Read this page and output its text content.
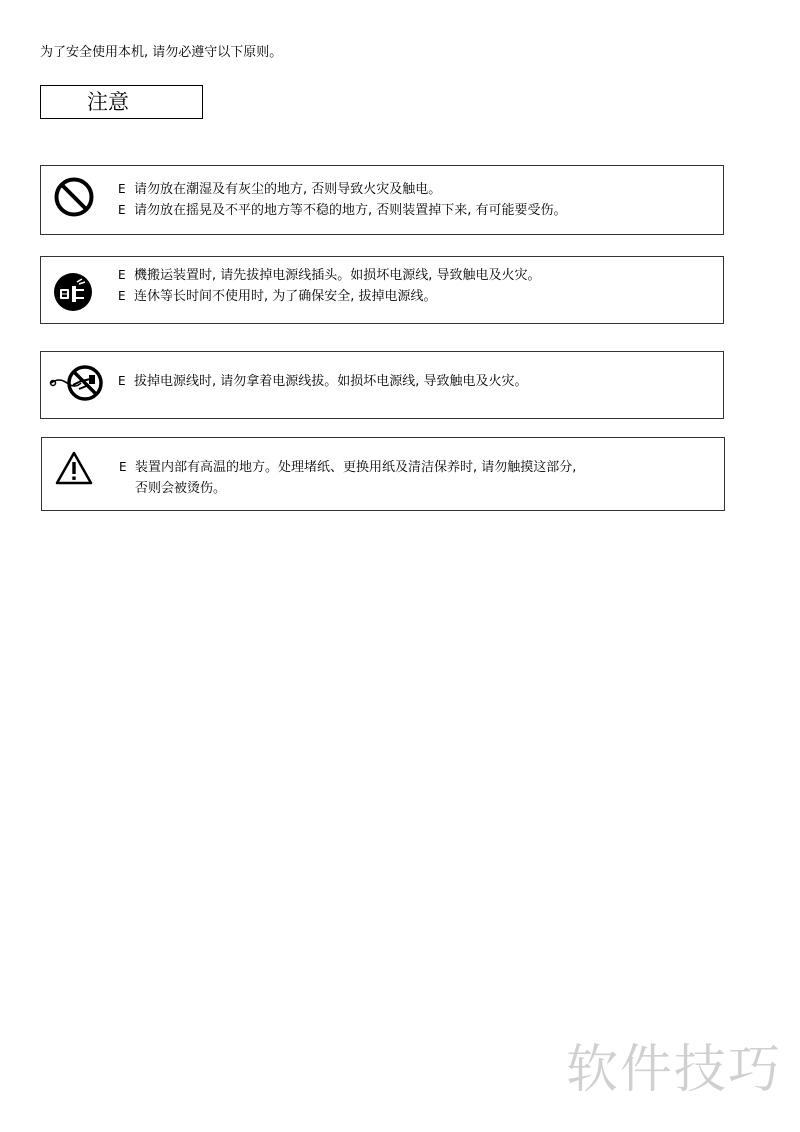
为了安全使用本机, 请勿必遵守以下原则。
注意
E 请勿放在潮湿及有灰尘的地方, 否则导致火灾及触电。
E 请勿放在摇晃及不平的地方等不稳的地方, 否则装置掉下来, 有可能要受伤。
E 機搬运装置时, 请先拔掉电源线插头。如损坏电源线, 导致触电及火灾。
E 连休等长时间不使用时, 为了确保安全, 拔掉电源线。
E 拔掉电源线时, 请勿拿着电源线拔。如损坏电源线, 导致触电及火灾。
E 装置内部有高温的地方。处理堵纸、更换用纸及清洁保养时, 请勿触摸这部分,
否则会被烫伤。
软件技巧
